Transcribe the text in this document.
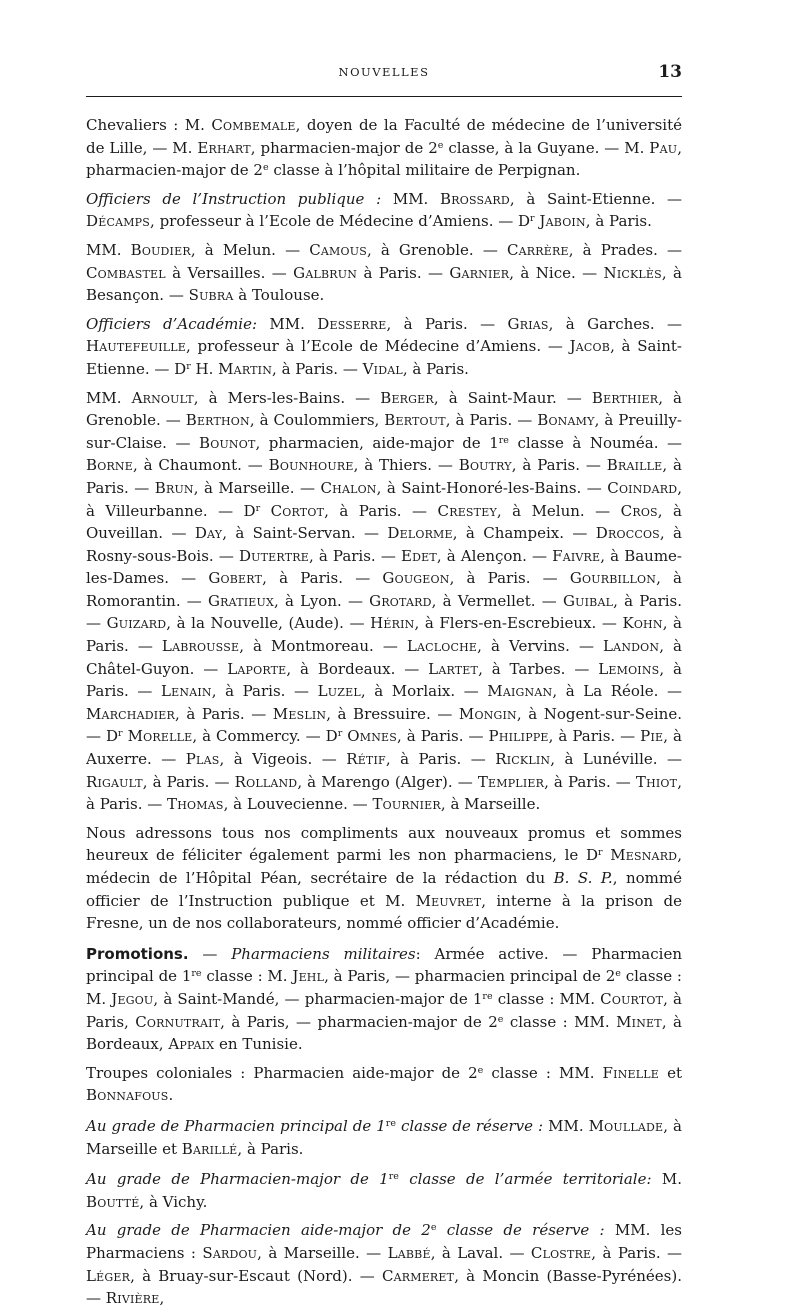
NOUVELLES	13

Chevaliers : M. Combemale, doyen de la Faculté de médecine de l’université de Lille, — M. Erhart, pharmacien-major de 2e classe, à la Guyane. — M. Pau, pharmacien-major de 2e classe à l’hôpital militaire de Perpignan.

Officiers de l’Instruction publique : MM. Brossard, à Saint-Etienne. — Décamps, professeur à l’Ecole de Médecine d’Amiens. — $D^r$ Jaboin, à Paris.

MM. Boudier, à Melun. — Camous, à Grenoble. — Carrère, à Prades. — Combastel à Versailles. — Galbrun à Paris. — Garnier, à Nice. — Nicklès, à Besançon. — Subra à Toulouse.

Officiers d’Académie: MM. Desserre, à Paris. — Grias, à Garches. — Hautefeuille, professeur à l’Ecole de Médecine d’Amiens. — Jacob, à Saint-Etienne. — $D^r$ H. Martin, à Paris. — Vidal, à Paris.

MM. Arnoult, à Mers-les-Bains. — Berger, à Saint-Maur. — Berthier, à Grenoble. — Berthon, à Coulommiers, Bertout, à Paris. — Bonamy, à Preuilly-sur-Claise. — Bounot, pharmacien, aide-major de 1re classe à Nouméa. — Borne, à Chaumont. — Bounhoure, à Thiers. — Boutry, à Paris. — Braille, à Paris. — Brun, à Marseille. — Chalon, à Saint-Honoré-les-Bains. — Coindard, à Villeurbanne. — $D^r$ Cortot, à Paris. — Crestey, à Melun. — Cros, à Ouveillan. — Day, à Saint-Servan. — Delorme, à Champeix. — Droccos, à Rosny-sous-Bois. — Dutertre, à Paris. — Edet, à Alençon. — Faivre, à Baume-les-Dames. — Gobert, à Paris. — Gougeon, à Paris. — Gourbillon, à Romorantin. — Gratieux, à Lyon. — Grotard, à Vermellet. — Guibal, à Paris. — Guizard, à la Nouvelle, (Aude). — Hérin, à Flers-en-Escrebieux. — Kohn, à Paris. — Labrousse, à Montmoreau. — Lacloche, à Vervins. — Landon, à Châtel-Guyon. — Laporte, à Bordeaux. — Lartet, à Tarbes. — Lemoins, à Paris. — Lenain, à Paris. — Luzel, à Morlaix. — Maignan, à La Réole. — Marchadier, à Paris. — Meslin, à Bressuire. — Mongin, à Nogent-sur-Seine. — $D^r$ Morelle, à Commercy. — $D^r$ Omnes, à Paris. — Philippe, à Paris. — Pie, à Auxerre. — Plas, à Vigeois. — Rétif, à Paris. — Ricklin, à Lunéville. — Rigault, à Paris. — Rolland, à Marengo (Alger). — Templier, à Paris. — Thiot, à Paris. — Thomas, à Louvecienne. — Tournier, à Marseille.

Nous adressons tous nos compliments aux nouveaux promus et sommes heureux de féliciter également parmi les non pharmaciens, le $D^r$ Mesnard, médecin de l’Hôpital Péan, secrétaire de la rédaction du B. S. P., nommé officier de l’Instruction publique et M. Meuvret, interne à la prison de Fresne, un de nos collaborateurs, nommé officier d’Académie.

Promotions. — Pharmaciens militaires: Armée active. — Pharmacien principal de 1re classe : M. Jehl, à Paris, — pharmacien principal de 2e classe : M. Jegou, à Saint-Mandé, — pharmacien-major de 1re classe : MM. Courtot, à Paris, Cornutrait, à Paris, — pharmacien-major de 2e classe : MM. Minet, à Bordeaux, Appaix en Tunisie.

Troupes coloniales : Pharmacien aide-major de 2e classe : MM. Finelle et Bonnafous.

Au grade de Pharmacien principal de 1re classe de réserve : MM. Moullade, à Marseille et Barillé, à Paris.

Au grade de Pharmacien-major de 1re classe de l’armée territoriale: M. Boutté, à Vichy.

Au grade de Pharmacien aide-major de 2e classe de réserve : MM. les Pharmaciens : Sardou, à Marseille. — Labbé, à Laval. — Clostre, à Paris. — Léger, à Bruay-sur-Escaut (Nord). — Carmeret, à Moncin (Basse-Pyrénées). — Rivière,
